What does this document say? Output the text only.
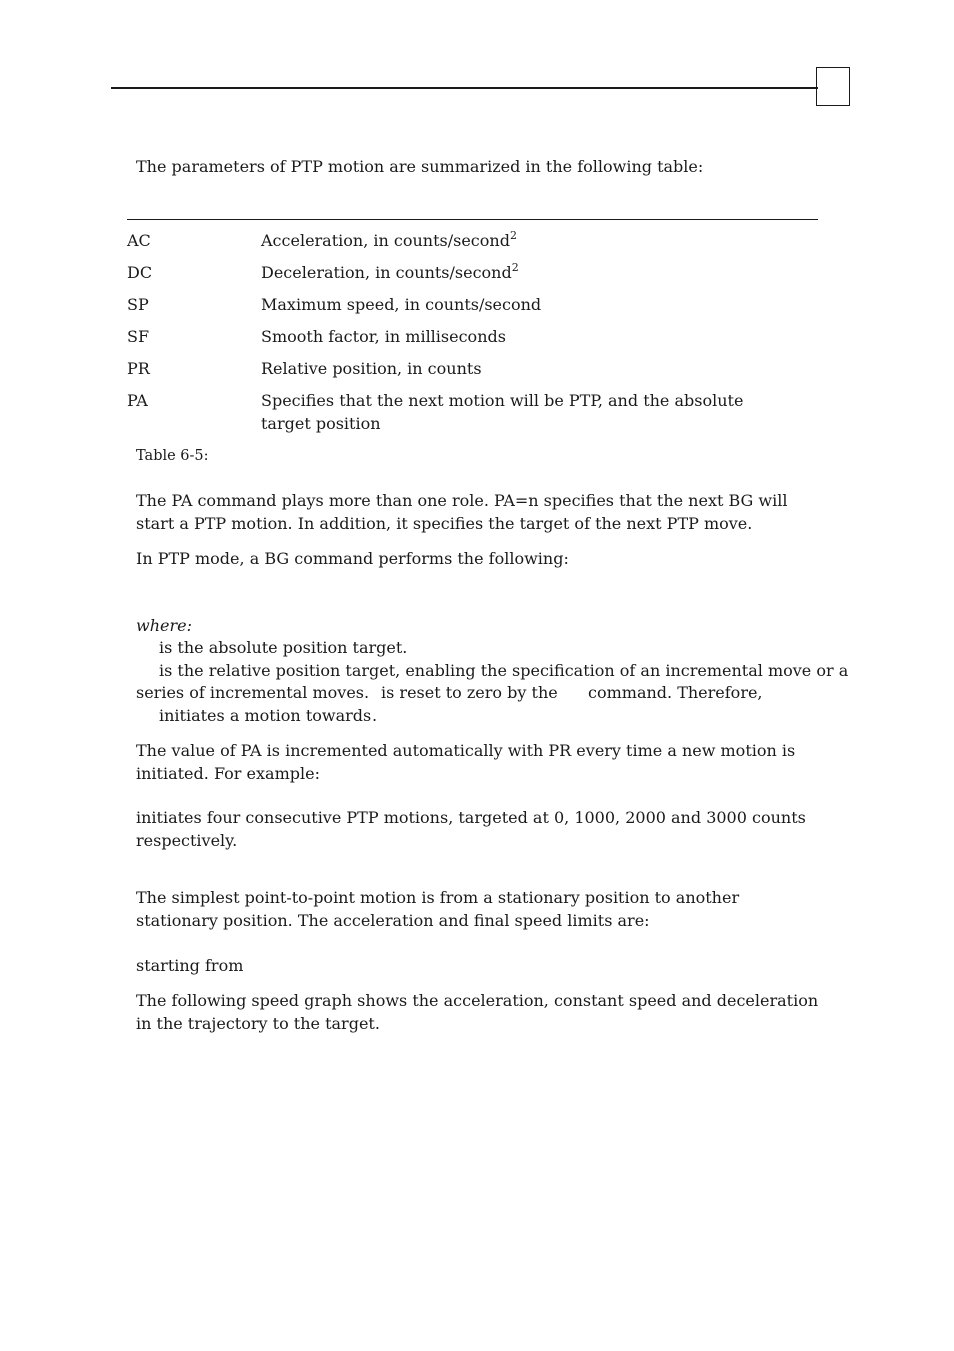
The parameters of PTP motion are summarized in the following table:
AC	Acceleration, in counts/second$^2$
DC	Deceleration, in counts/second$^2$
SP	Maximum speed, in counts/second
SF	Smooth factor, in milliseconds
PR	Relative position, in counts
PA	Specifies that the next motion will be PTP, and the absolute target position
Table 6-5:
The PA command plays more than one role. PA=n specifies that the next BG will start a PTP motion. In addition, it specifies the target of the next PTP move.
In PTP mode, a BG command performs the following:
where:
is the absolute position target.
is the relative position target, enabling the specification of an incremental move or a
series of incremental moves. is reset to zero by the command. Therefore,
initiates a motion towards .
The value of PA is incremented automatically with PR every time a new motion is initiated. For example:
initiates four consecutive PTP motions, targeted at 0, 1000, 2000 and 3000 counts respectively.
The simplest point-to-point motion is from a stationary position to another stationary position. The acceleration and final speed limits are:
starting from
The following speed graph shows the acceleration, constant speed and deceleration in the trajectory to the target.
